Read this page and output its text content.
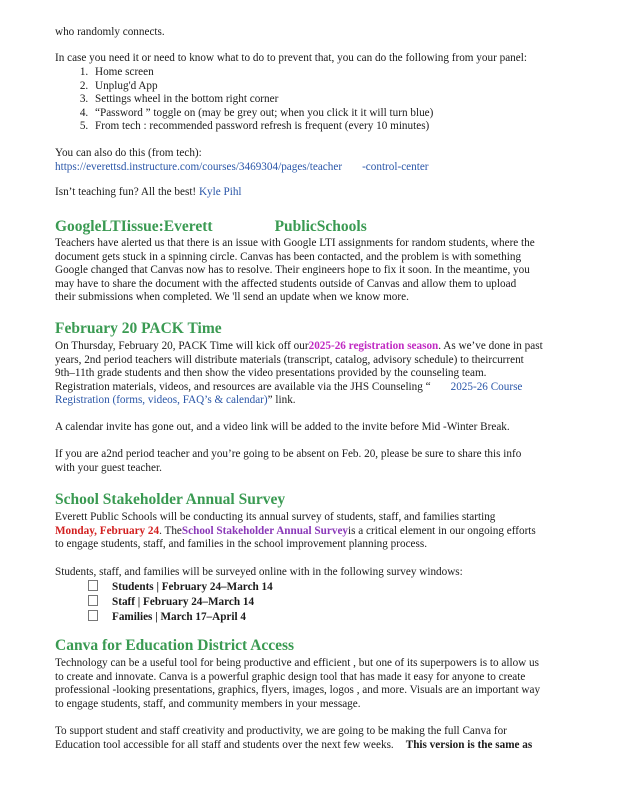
who randomly connects.

In case you need it or need to know what to do to prevent that, you can do the following from your panel:

1. Home screen
2. Unplug'd App
3. Settings wheel in the bottom right corner
4. “Password ” toggle on (may be grey out; when you click it it will turn blue)
5. From tech : recommended password refresh is frequent (every 10 minutes)

You can also do this (from tech):

https://everettsd.instructure.com/courses/3469304/pages/teacher -control-center

Isn’t teaching fun? All the best! Kyle Pihl

GoogleLTIissue:Everett	PublicSchools

Teachers have alerted us that there is an issue with Google LTI assignments for random students, where the

document gets stuck in a spinning circle. Canvas has been contacted, and the problem is with something

Google changed that Canvas now has to resolve. Their engineers hope to fix it soon. In the meantime, you

may have to share the document with the affected students outside of Canvas and allow them to upload

their submissions when completed. We 'll send an update when we know more.

February 20 PACK Time

On Thursday, February 20, PACK Time will kick off our2025-26 registration season. As we’ve done in past

years, 2nd period teachers will distribute materials (transcript, catalog, advisory schedule) to theircurrent

9th–11th grade students and then show the video presentations provided by the counseling team.

Registration materials, videos, and resources are available via the JHS Counseling “ 2025-26 Course

Registration (forms, videos, FAQ’s & calendar)” link.

A calendar invite has gone out, and a video link will be added to the invite before Mid -Winter Break.

If you are a2nd period teacher and you’re going to be absent on Feb. 20, please be sure to share this info

with your guest teacher.

School Stakeholder Annual Survey

Everett Public Schools will be conducting its annual survey of students, staff, and families starting

Monday, February 24. TheSchool Stakeholder Annual Surveyis a critical element in our ongoing efforts

to engage students, staff, and families in the school improvement planning process.

Students, staff, and families will be surveyed online with in the following survey windows:

Students | February 24–March 14
Staff | February 24–March 14
Families | March 17–April 4
Canva for Education District Access

Technology can be a useful tool for being productive and efficient , but one of its superpowers is to allow us

to create and innovate. Canva is a powerful graphic design tool that has made it easy for anyone to create

professional -looking presentations, graphics, flyers, images, logos , and more. Visuals are an important way

to engage students, staff, and community members in your message.

To support student and staff creativity and productivity, we are going to be making the full Canva for

Education tool accessible for all staff and students over the next few weeks. This version is the same as
